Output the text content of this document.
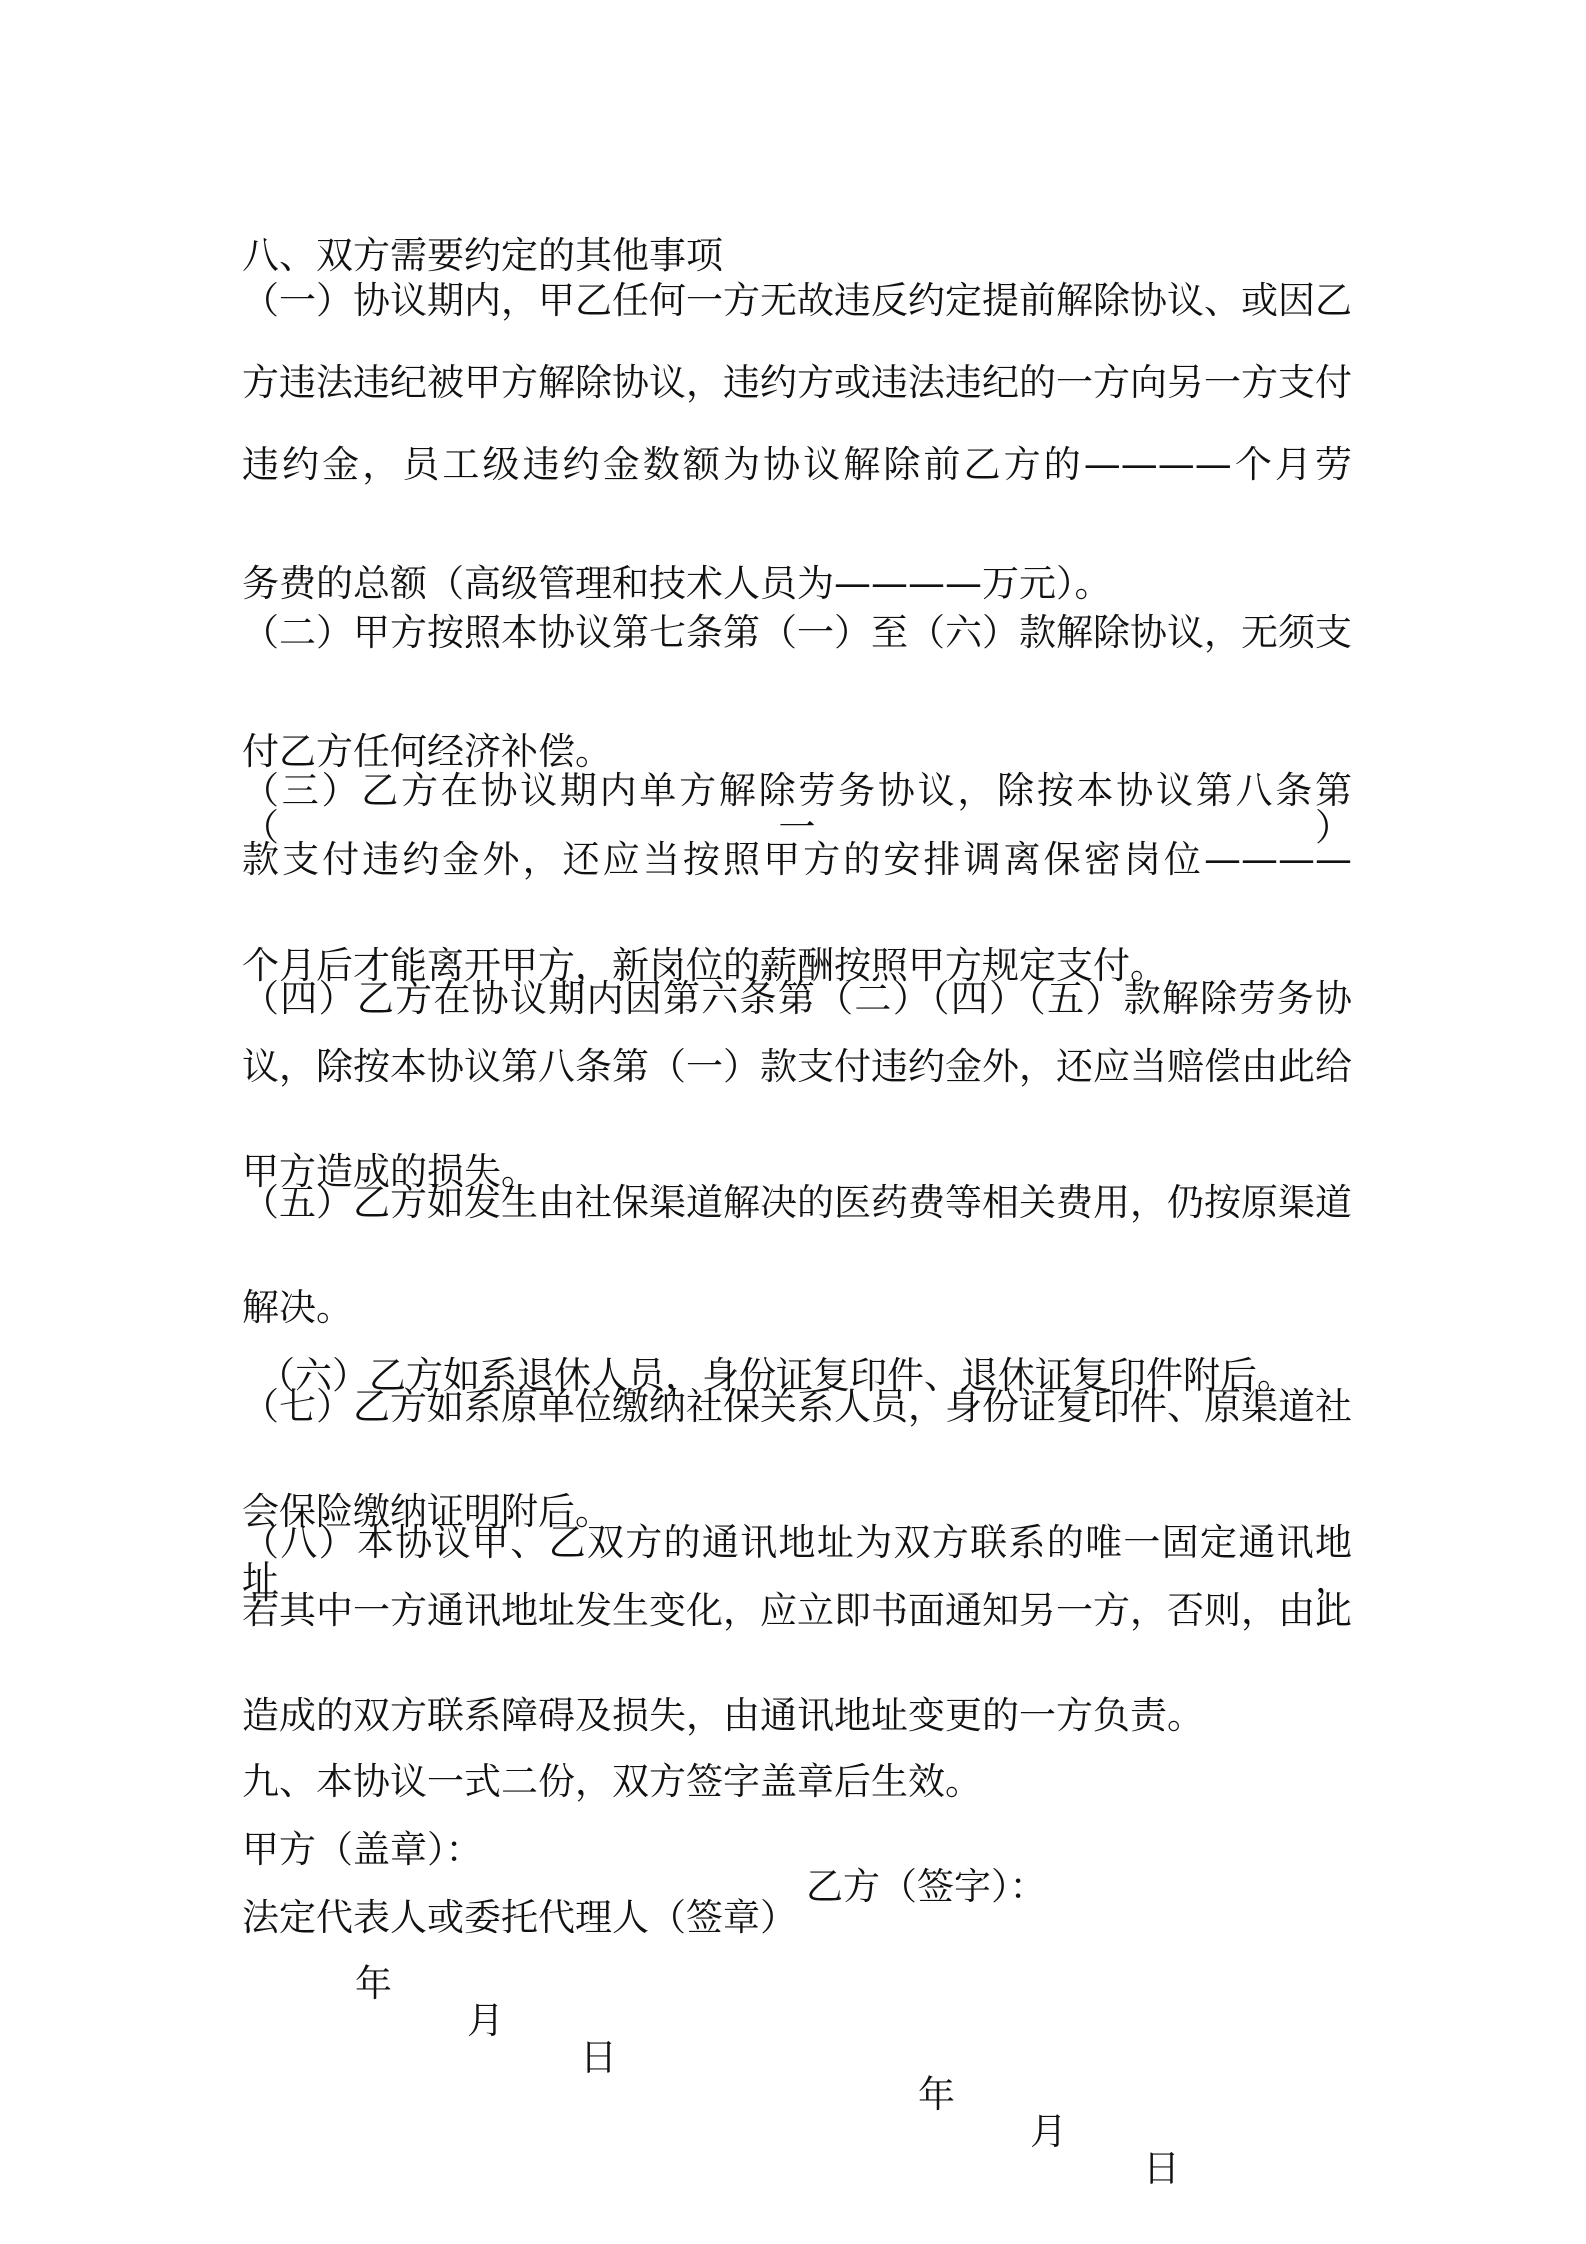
八、双方需要约定的其他事项

（一）协议期内，甲乙任何一方无故违反约定提前解除协议、或因乙
方违法违纪被甲方解除协议，违约方或违法违纪的一方向另一方支付
违约金，员工级违约金数额为协议解除前乙方的————个月劳

务费的总额（高级管理和技术人员为————万元）。

（二）甲方按照本协议第七条第（一）至（六）款解除协议，无须支

付乙方任何经济补偿。

（三）乙方在协议期内单方解除劳务协议，除按本协议第八条第（一）
款支付违约金外，还应当按照甲方的安排调离保密岗位————

个月后才能离开甲方，新岗位的薪酬按照甲方规定支付。

（四）乙方在协议期内因第六条第（二）（四）（五）款解除劳务协
议，除按本协议第八条第（一）款支付违约金外，还应当赔偿由此给

甲方造成的损失。

（五）乙方如发生由社保渠道解决的医药费等相关费用，仍按原渠道

解决。

（六）乙方如系退休人员，身份证复印件、退休证复印件附后。

（七）乙方如系原单位缴纳社保关系人员，身份证复印件、原渠道社

会保险缴纳证明附后。

（八）本协议甲、乙双方的通讯地址为双方联系的唯一固定通讯地址，
若其中一方通讯地址发生变化，应立即书面通知另一方，否则，由此

造成的双方联系障碍及损失，由通讯地址变更的一方负责。

九、本协议一式二份，双方签字盖章后生效。

甲方（盖章）：

乙方（签字）：

法定代表人或委托代理人（签章）

年

月

日

年

月

日
